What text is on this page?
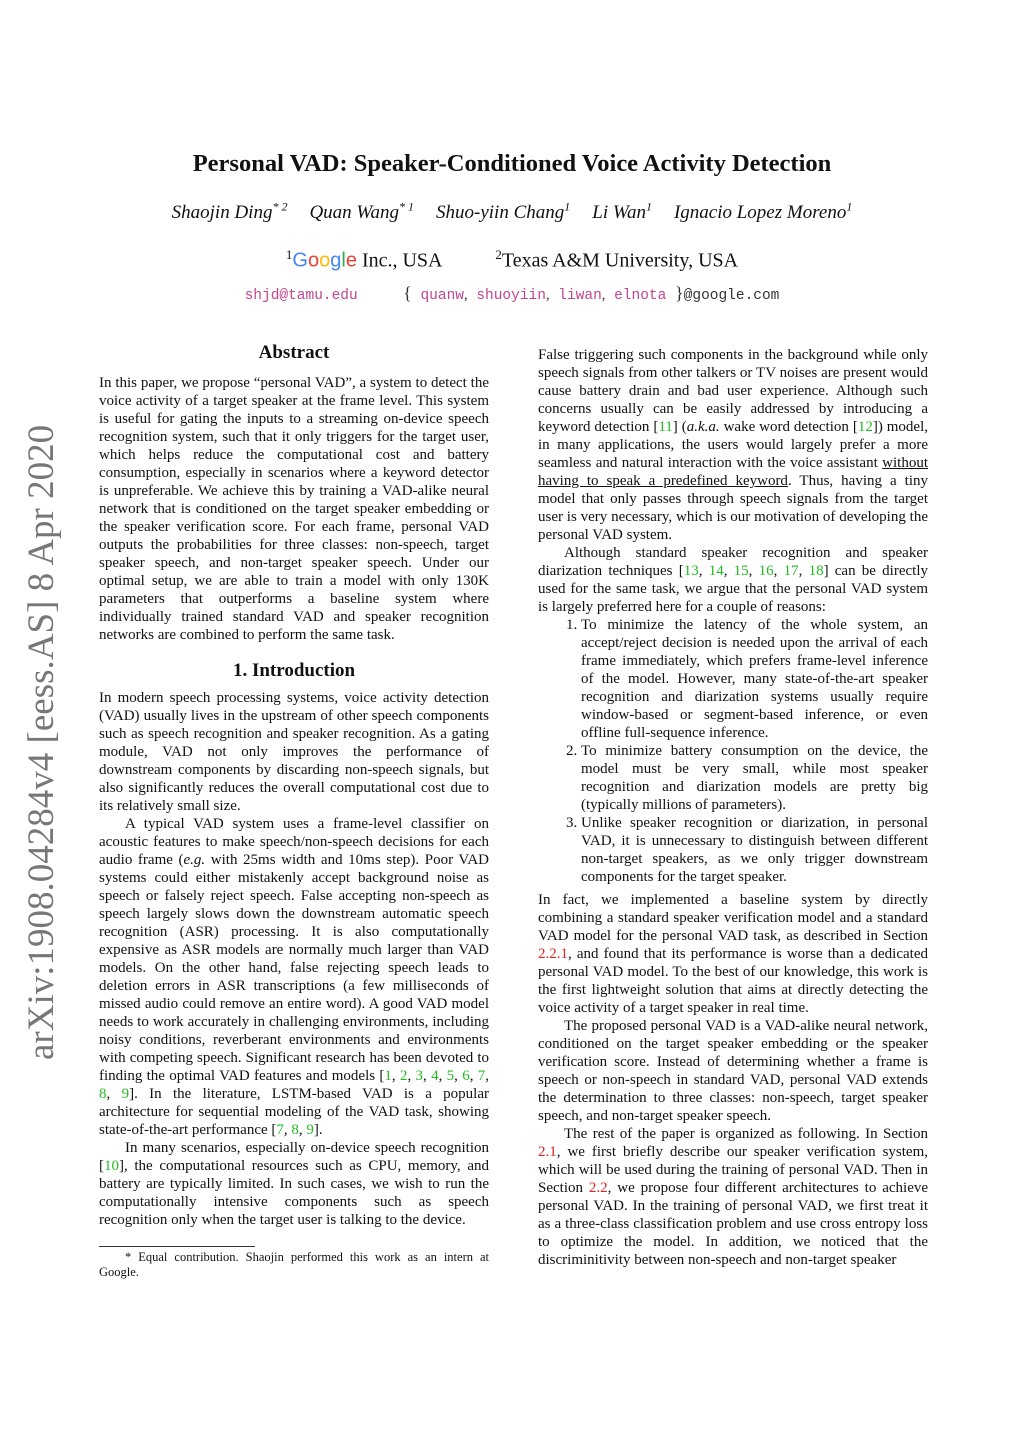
arXiv:1908.04284v4 [eess.AS] 8 Apr 2020
Personal VAD: Speaker-Conditioned Voice Activity Detection
Shaojin Ding$^{* 2}$ Quan Wang$^{* 1}$ Shuo-yiin Chang$^1$ Li Wan$^1$ Ignacio Lopez Moreno$^1$
$^1$Google Inc., USA	$^2$Texas A&M University, USA
shjd@tamu.edu	{ quanw, shuoyiin, liwan, elnota }@google.com
Abstract

In this paper, we propose “personal VAD”, a system to detect the voice activity of a target speaker at the frame level. This system is useful for gating the inputs to a streaming on-device speech recognition system, such that it only triggers for the target user, which helps reduce the computational cost and battery consumption, especially in scenarios where a keyword detector is unpreferable. We achieve this by training a VAD-alike neural network that is conditioned on the target speaker embedding or the speaker verification score. For each frame, personal VAD outputs the probabilities for three classes: non-speech, target speaker speech, and non-target speaker speech. Under our optimal setup, we are able to train a model with only 130K parameters that outperforms a baseline system where individually trained standard VAD and speaker recognition networks are combined to perform the same task.

1. Introduction

In modern speech processing systems, voice activity detection (VAD) usually lives in the upstream of other speech components such as speech recognition and speaker recognition. As a gating module, VAD not only improves the performance of downstream components by discarding non-speech signals, but also significantly reduces the overall computational cost due to its relatively small size.

A typical VAD system uses a frame-level classifier on acoustic features to make speech/non-speech decisions for each audio frame (e.g. with 25ms width and 10ms step). Poor VAD systems could either mistakenly accept background noise as speech or falsely reject speech. False accepting non-speech as speech largely slows down the downstream automatic speech recognition (ASR) processing. It is also computationally expensive as ASR models are normally much larger than VAD models. On the other hand, false rejecting speech leads to deletion errors in ASR transcriptions (a few milliseconds of missed audio could remove an entire word). A good VAD model needs to work accurately in challenging environments, including noisy conditions, reverberant environments and environments with competing speech. Significant research has been devoted to finding the optimal VAD features and models [1, 2, 3, 4, 5, 6, 7, 8, 9]. In the literature, LSTM-based VAD is a popular architecture for sequential modeling of the VAD task, showing state-of-the-art performance [7, 8, 9].

In many scenarios, especially on-device speech recognition [10], the computational resources such as CPU, memory, and battery are typically limited. In such cases, we wish to run the computationally intensive components such as speech recognition only when the target user is talking to the device.

* Equal contribution. Shaojin performed this work as an intern at Google.

False triggering such components in the background while only speech signals from other talkers or TV noises are present would cause battery drain and bad user experience. Although such concerns usually can be easily addressed by introducing a keyword detection [11] (a.k.a. wake word detection [12]) model, in many applications, the users would largely prefer a more seamless and natural interaction with the voice assistant without having to speak a predefined keyword. Thus, having a tiny model that only passes through speech signals from the target user is very necessary, which is our motivation of developing the personal VAD system.

Although standard speaker recognition and speaker diarization techniques [13, 14, 15, 16, 17, 18] can be directly used for the same task, we argue that the personal VAD system is largely preferred here for a couple of reasons:

1. To minimize the latency of the whole system, an accept/reject decision is needed upon the arrival of each frame immediately, which prefers frame-level inference of the model. However, many state-of-the-art speaker recognition and diarization systems usually require window-based or segment-based inference, or even offline full-sequence inference.
2. To minimize battery consumption on the device, the model must be very small, while most speaker recognition and diarization models are pretty big (typically millions of parameters).
3. Unlike speaker recognition or diarization, in personal VAD, it is unnecessary to distinguish between different non-target speakers, as we only trigger downstream components for the target speaker.

In fact, we implemented a baseline system by directly combining a standard speaker verification model and a standard VAD model for the personal VAD task, as described in Section 2.2.1, and found that its performance is worse than a dedicated personal VAD model. To the best of our knowledge, this work is the first lightweight solution that aims at directly detecting the voice activity of a target speaker in real time.

The proposed personal VAD is a VAD-alike neural network, conditioned on the target speaker embedding or the speaker verification score. Instead of determining whether a frame is speech or non-speech in standard VAD, personal VAD extends the determination to three classes: non-speech, target speaker speech, and non-target speaker speech.

The rest of the paper is organized as following. In Section 2.1, we first briefly describe our speaker verification system, which will be used during the training of personal VAD. Then in Section 2.2, we propose four different architectures to achieve personal VAD. In the training of personal VAD, we first treat it as a three-class classification problem and use cross entropy loss to optimize the model. In addition, we noticed that the discriminitivity between non-speech and non-target speaker
